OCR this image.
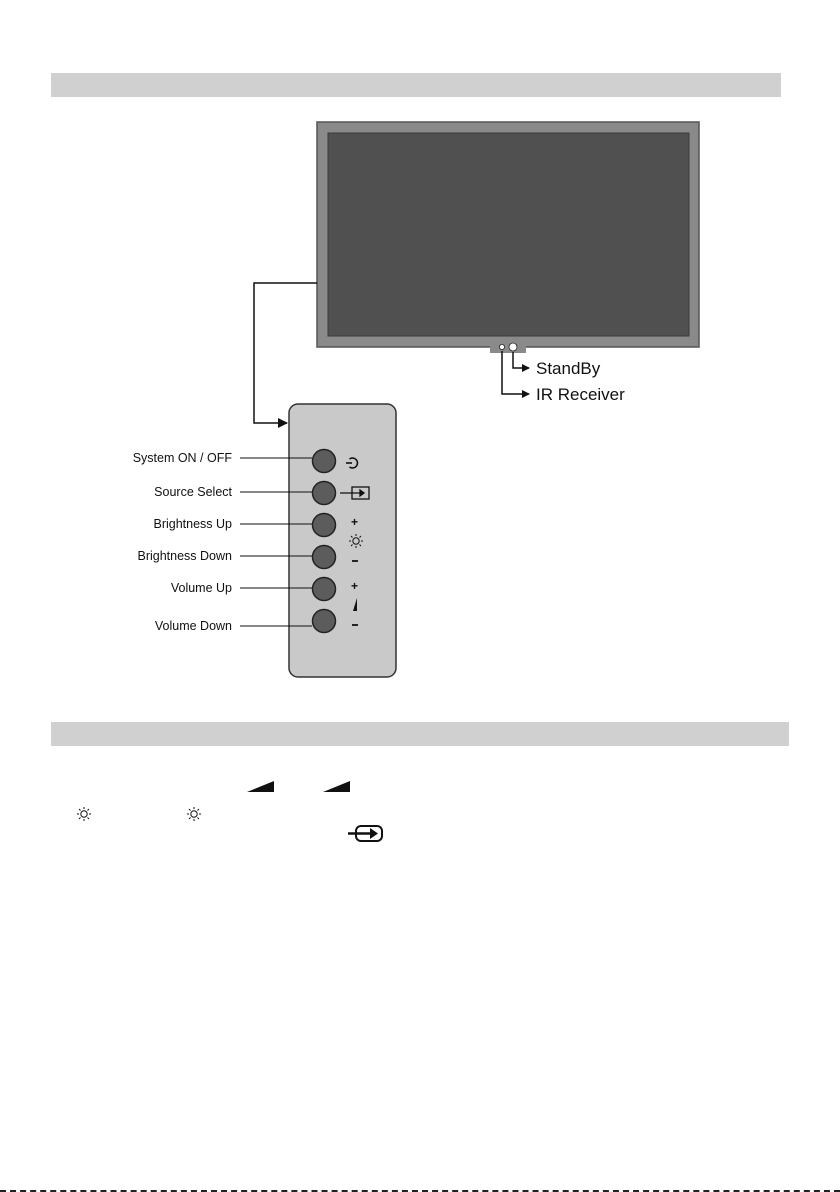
StandBy
IR Receiver
+
+
System ON / OFF
Source Select
Brightness Up
Brightness Down
Volume Up
Volume Down
